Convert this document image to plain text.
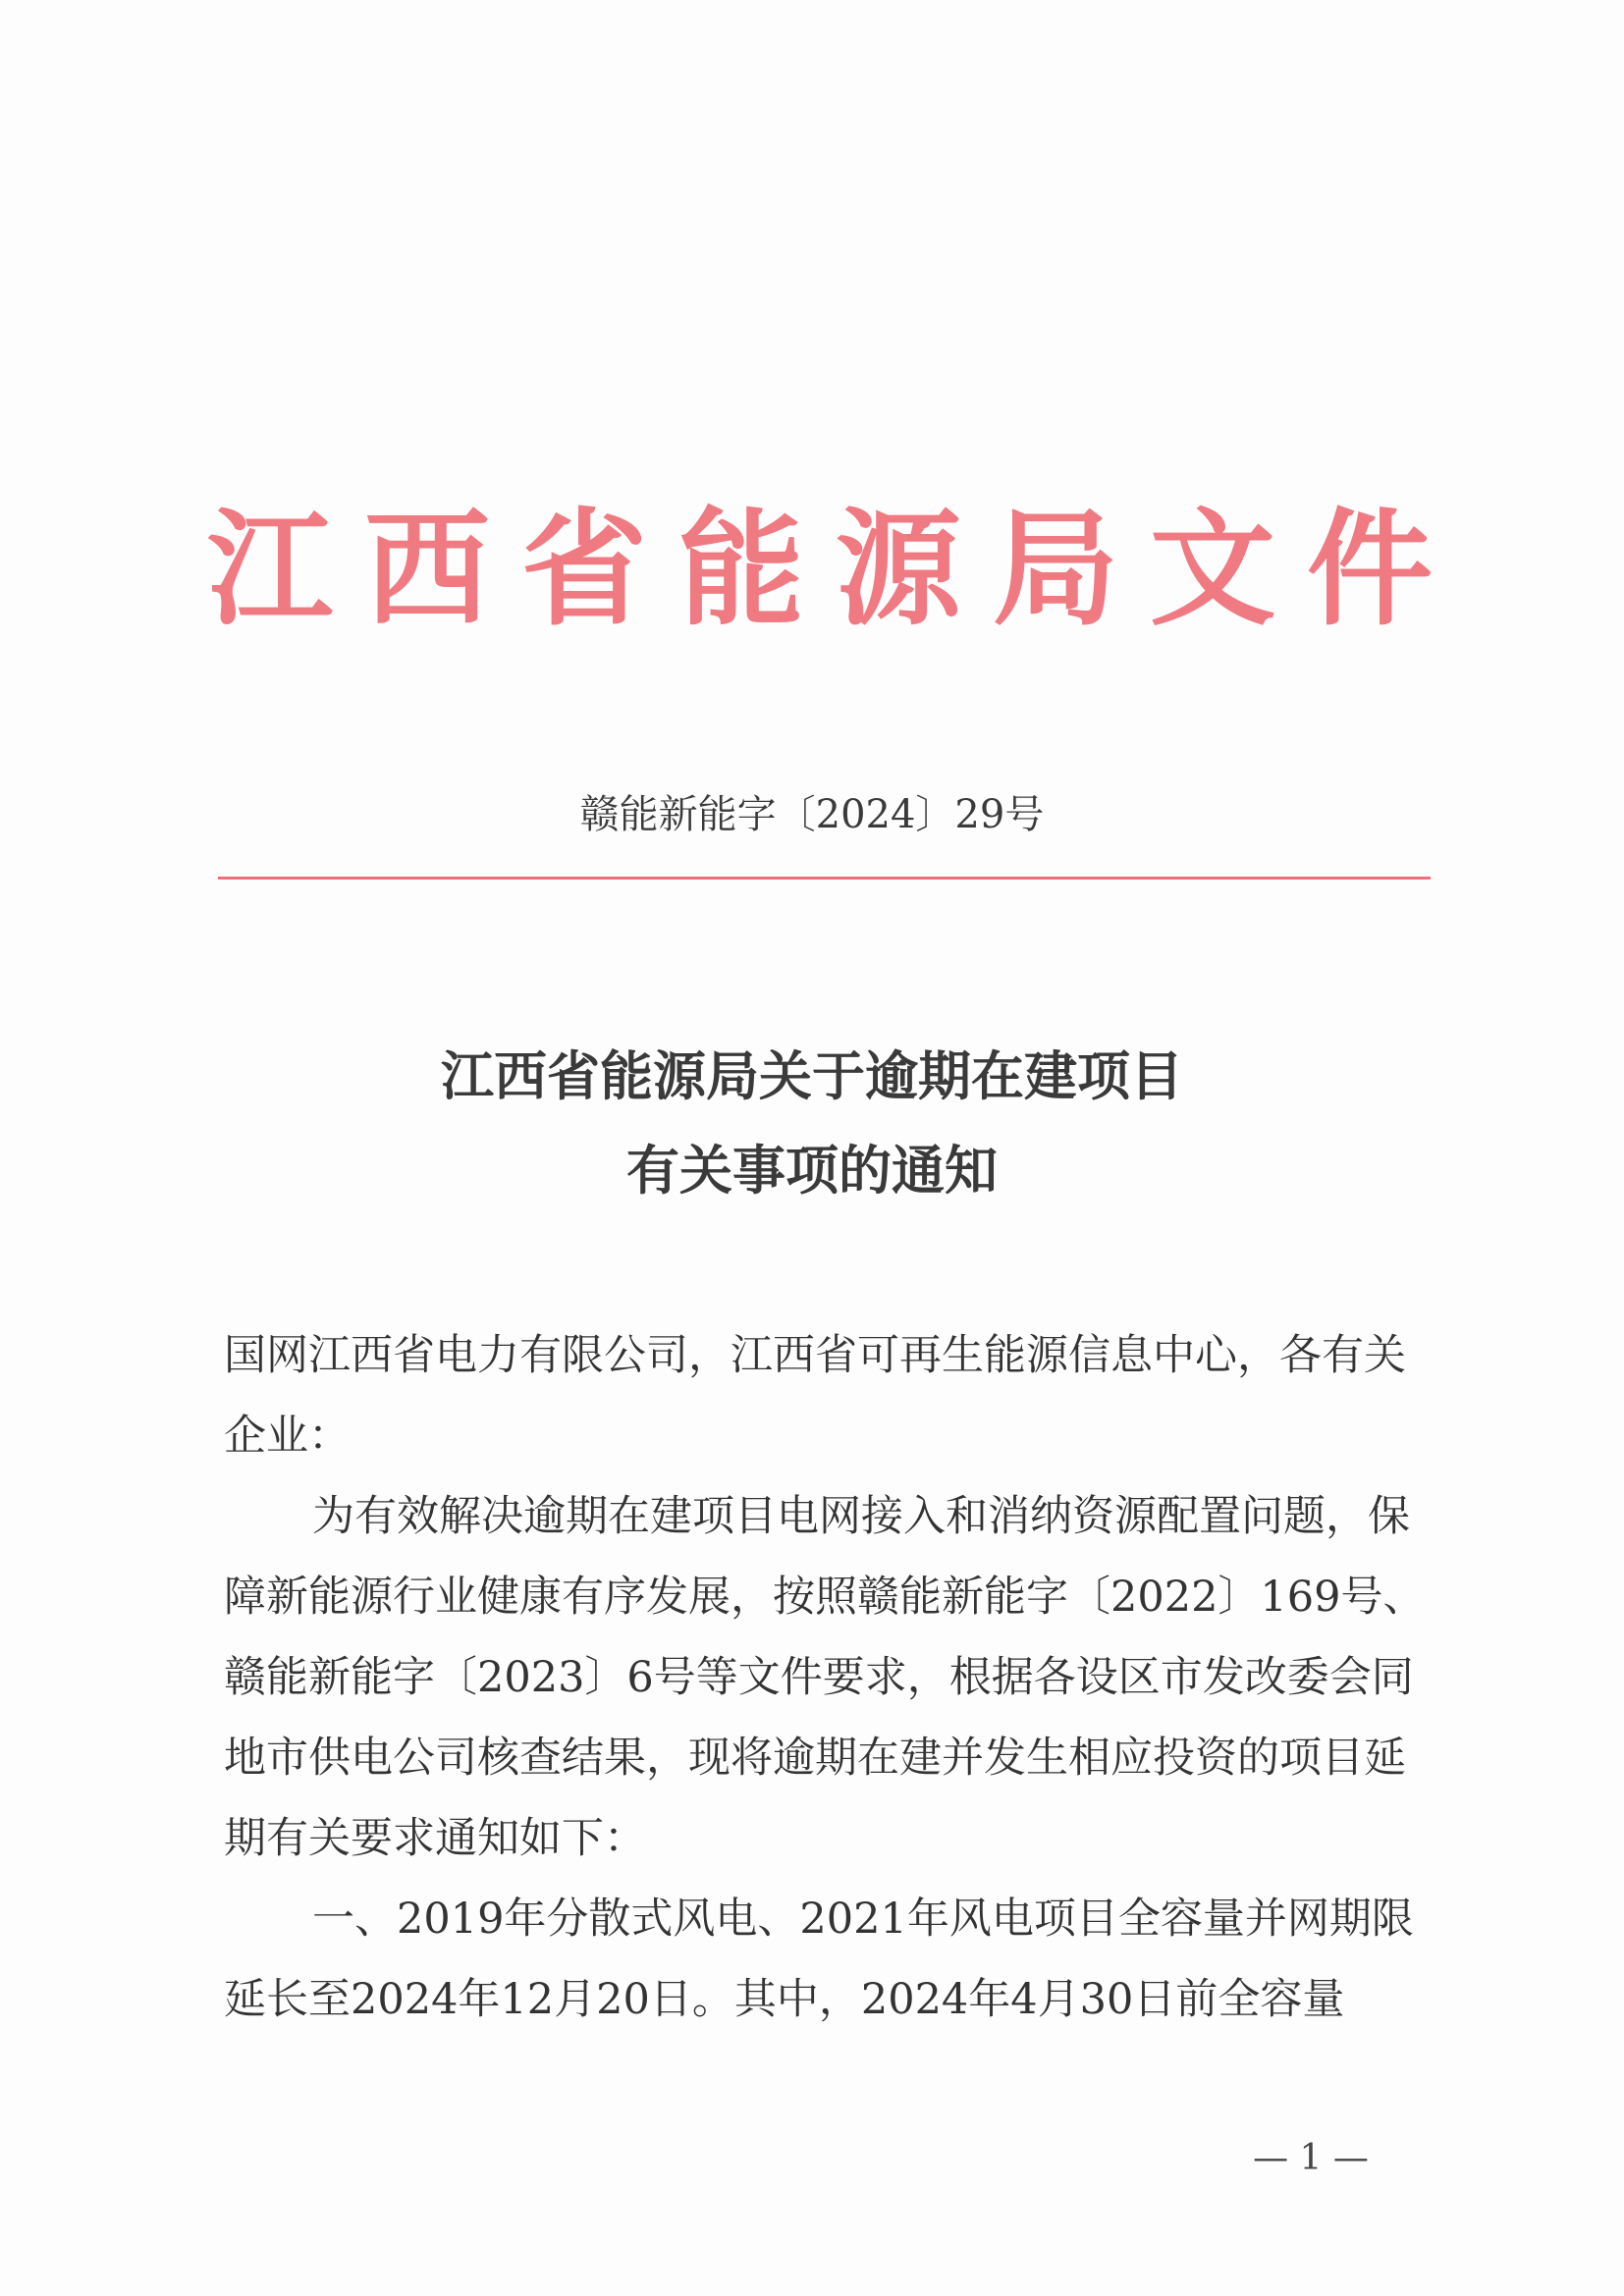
江 西 省 能 源 局 文 件
赣能新能字〔2024〕29号
江西省能源局关于逾期在建项目
有关事项的通知
国网江西省电力有限公司，江西省可再生能源信息中心，各有关
企业：
为有效解决逾期在建项目电网接入和消纳资源配置问题，保
障新能源行业健康有序发展，按照赣能新能字〔2022〕169号、
赣能新能字〔2023〕6号等文件要求，根据各设区市发改委会同
地市供电公司核查结果，现将逾期在建并发生相应投资的项目延
期有关要求通知如下：
一、2019年分散式风电、2021年风电项目全容量并网期限
延长至2024年12月20日。其中，2024年4月30日前全容量
— 1 —
